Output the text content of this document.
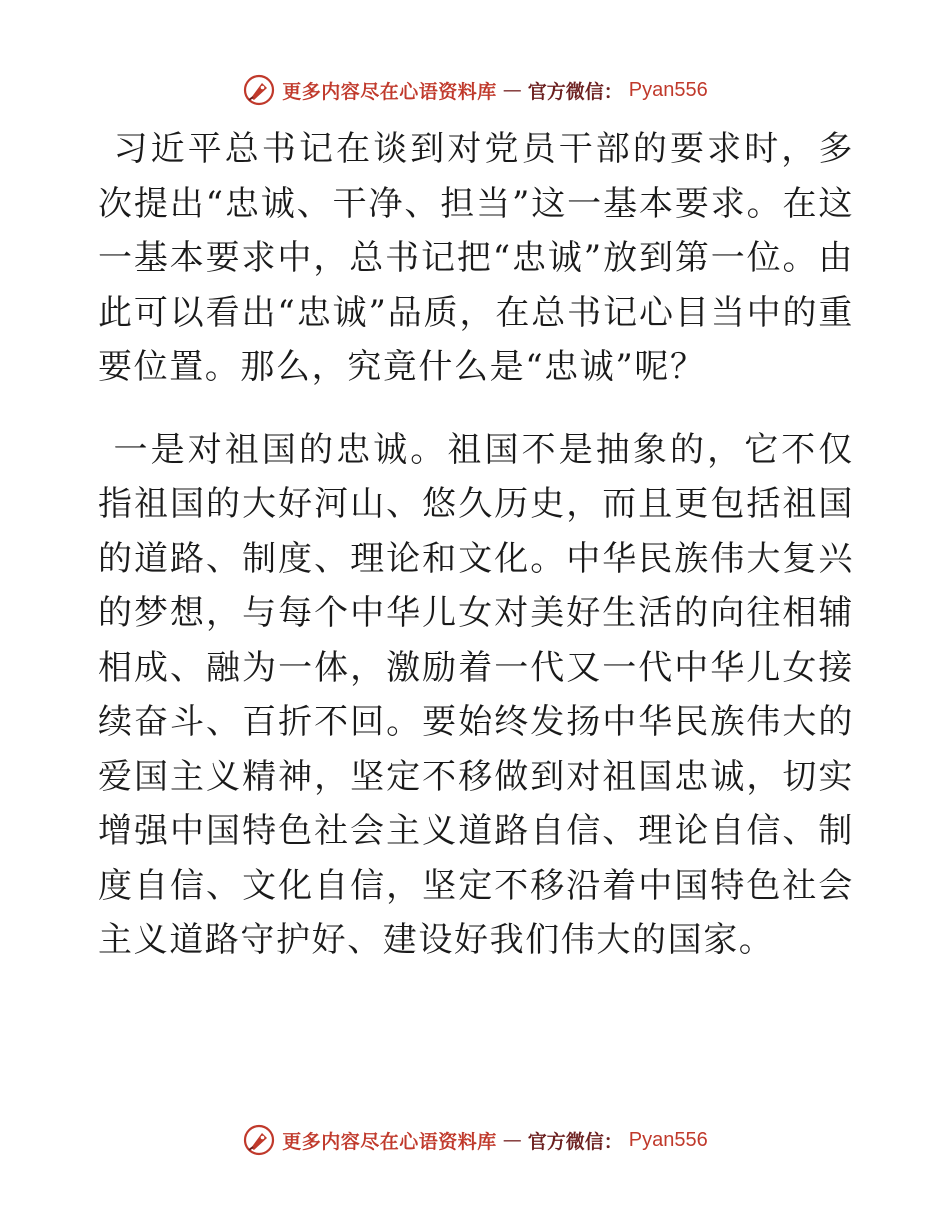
更多内容尽在心语资料库 — 官方微信： Pyan556

习近平总书记在谈到对党员干部的要求时，多次提出“忠诚、干净、担当”这一基本要求。在这一基本要求中，总书记把“忠诚”放到第一位。由此可以看出“忠诚”品质，在总书记心目当中的重要位置。那么，究竟什么是“忠诚”呢？

一是对祖国的忠诚。祖国不是抽象的，它不仅指祖国的大好河山、悠久历史，而且更包括祖国的道路、制度、理论和文化。中华民族伟大复兴的梦想，与每个中华儿女对美好生活的向往相辅相成、融为一体，激励着一代又一代中华儿女接续奋斗、百折不回。要始终发扬中华民族伟大的爱国主义精神，坚定不移做到对祖国忠诚，切实增强中国特色社会主义道路自信、理论自信、制度自信、文化自信，坚定不移沿着中国特色社会主义道路守护好、建设好我们伟大的国家。

更多内容尽在心语资料库 — 官方微信： Pyan556
